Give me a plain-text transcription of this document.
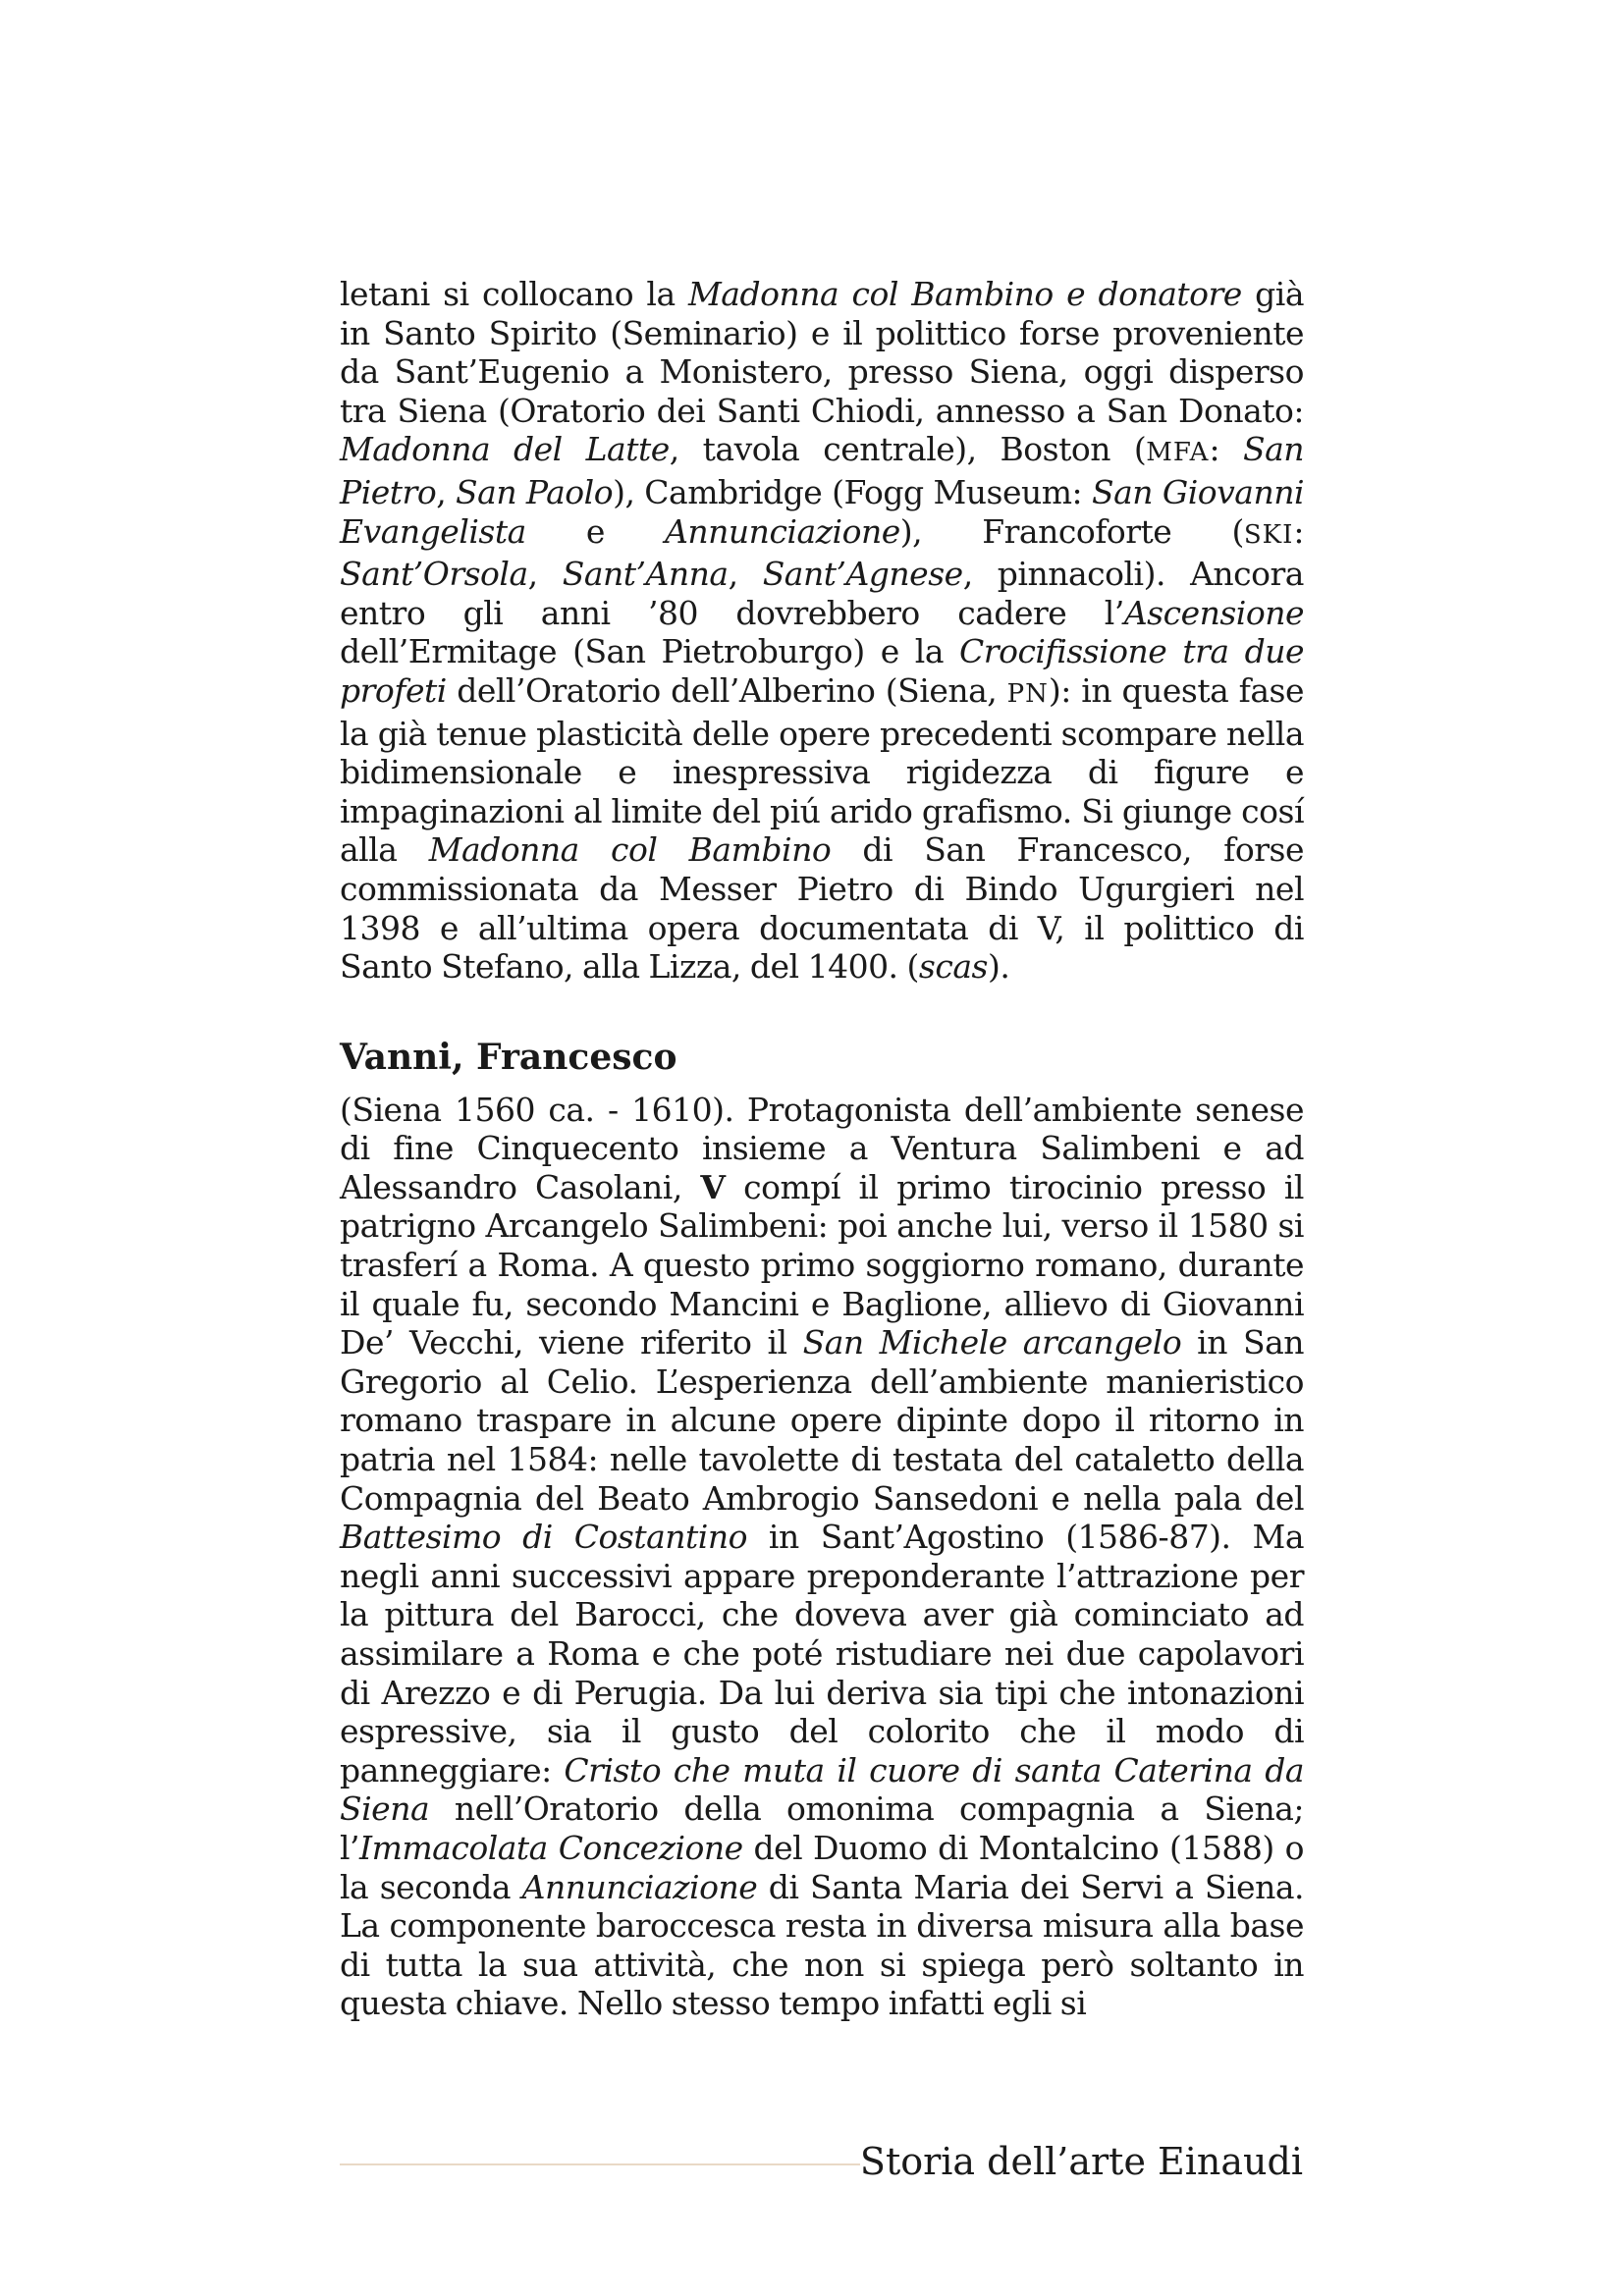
letani si collocano la Madonna col Bambino e donatore già in Santo Spirito (Seminario) e il polittico forse proveniente da Sant’Eugenio a Monistero, presso Siena, oggi disperso tra Siena (Oratorio dei Santi Chiodi, annesso a San Donato: Madonna del Latte, tavola centrale), Boston (MFA: San Pietro, San Paolo), Cambridge (Fogg Museum: San Giovanni Evangelista e Annunciazione), Francoforte (SKI: Sant’Orsola, Sant’Anna, Sant’Agnese, pinnacoli). Ancora entro gli anni ’80 dovrebbero cadere l’Ascensione dell’Ermitage (San Pietroburgo) e la Crocifissione tra due profeti dell’Oratorio dell’Alberino (Siena, PN): in questa fase la già tenue plasticità delle opere precedenti scompare nella bidimensionale e inespressiva rigidezza di figure e impaginazioni al limite del piú arido grafismo. Si giunge cosí alla Madonna col Bambino di San Francesco, forse commissionata da Messer Pietro di Bindo Ugurgieri nel 1398 e all’ultima opera documentata di V, il polittico di Santo Stefano, alla Lizza, del 1400. (scas).

Vanni, Francesco

(Siena 1560 ca. - 1610). Protagonista dell’ambiente senese di fine Cinquecento insieme a Ventura Salimbeni e ad Alessandro Casolani, V compí il primo tirocinio presso il patrigno Arcangelo Salimbeni: poi anche lui, verso il 1580 si trasferí a Roma. A questo primo soggiorno romano, durante il quale fu, secondo Mancini e Baglione, allievo di Giovanni De’ Vecchi, viene riferito il San Michele arcangelo in San Gregorio al Celio. L’esperienza dell’ambiente manieristico romano traspare in alcune opere dipinte dopo il ritorno in patria nel 1584: nelle tavolette di testata del cataletto della Compagnia del Beato Ambrogio Sansedoni e nella pala del Battesimo di Costantino in Sant’Agostino (1586-87). Ma negli anni successivi appare preponderante l’attrazione per la pittura del Barocci, che doveva aver già cominciato ad assimilare a Roma e che poté ristudiare nei due capolavori di Arezzo e di Perugia. Da lui deriva sia tipi che intonazioni espressive, sia il gusto del colorito che il modo di panneggiare: Cristo che muta il cuore di santa Caterina da Siena nell’Oratorio della omonima compagnia a Siena; l’Immacolata Concezione del Duomo di Montalcino (1588) o la seconda Annunciazione di Santa Maria dei Servi a Siena. La componente baroccesca resta in diversa misura alla base di tutta la sua attività, che non si spiega però soltanto in questa chiave. Nello stesso tempo infatti egli si

Storia dell’arte Einaudi
